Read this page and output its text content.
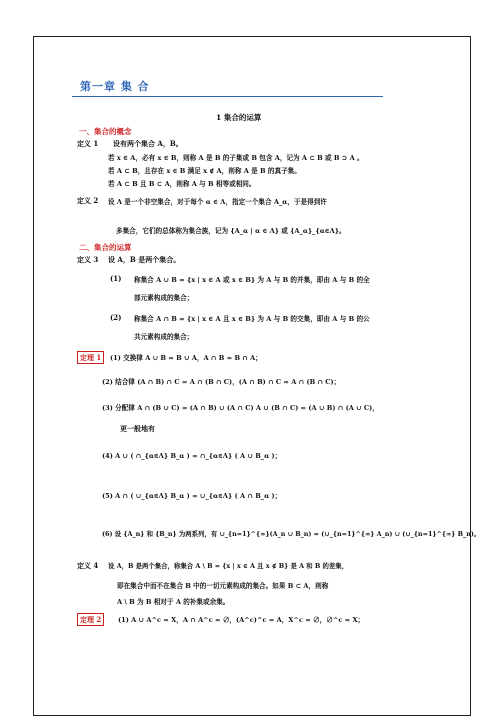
第一章 集 合
1 集合的运算
一、集合的概念
定义 1 设有两个集合 A，B。
若 x ∈ A，必有 x ∈ B，则称 A 是 B 的子集或 B 包含 A，记为 A ⊂ B 或 B ⊃ A 。
若 A ⊂ B，且存在 x ∈ B 满足 x ∉ A，则称 A 是 B 的真子集。
若 A ⊂ B 且 B ⊂ A，则称 A 与 B 相等或相同。
定义 2 设 Λ 是一个非空集合，对于每个 α ∈ Λ，指定一个集合 A_α，于是得到许
多集合，它们的总体称为集合族，记为 {A_α | α ∈ Λ} 或 {A_α}_{α∈Λ}。
二、集合的运算
定义 3 设 A，B 是两个集合。
(1) 称集合 A ∪ B = {x | x ∈ A 或 x ∈ B} 为 A 与 B 的并集，即由 A 与 B 的全
部元素构成的集合；
(2) 称集合 A ∩ B = {x | x ∈ A 且 x ∈ B} 为 A 与 B 的交集，即由 A 与 B 的公
共元素构成的集合；
定理 1	(1) 交换律 A ∪ B = B ∪ A，A ∩ B = B ∩ A；
(2) 结合律 (A ∩ B) ∩ C = A ∩ (B ∩ C)，(A ∩ B) ∩ C = A ∩ (B ∩ C)；
(3) 分配律 A ∩ (B ∪ C) = (A ∩ B) ∪ (A ∩ C) A ∪ (B ∩ C) = (A ∪ B) ∩ (A ∪ C)，
更一般地有
(4) A ∪ ( ∩_{α∈Λ} B_α ) = ∩_{α∈Λ} ( A ∪ B_α )；
(5) A ∩ ( ∪_{α∈Λ} B_α ) = ∪_{α∈Λ} ( A ∩ B_α )；
(6) 设 {A_n} 和 {B_n} 为两系列，有 ∪_{n=1}^{∞}(A_n ∪ B_n) = (∪_{n=1}^{∞} A_n) ∪ (∪_{n=1}^{∞} B_n)。
定义 4 设 A，B 是两个集合，称集合 A \ B = {x | x ∈ A 且 x ∉ B} 是 A 和 B 的差集，
即在集合中而不在集合 B 中的一切元素构成的集合。如果 B ⊂ A，则称
A \ B 为 B 相对于 A 的补集或余集。
定理 2	(1) A ∪ A^c = X，A ∩ A^c = ∅，(A^c)^c = A，X^c = ∅，∅^c = X；
